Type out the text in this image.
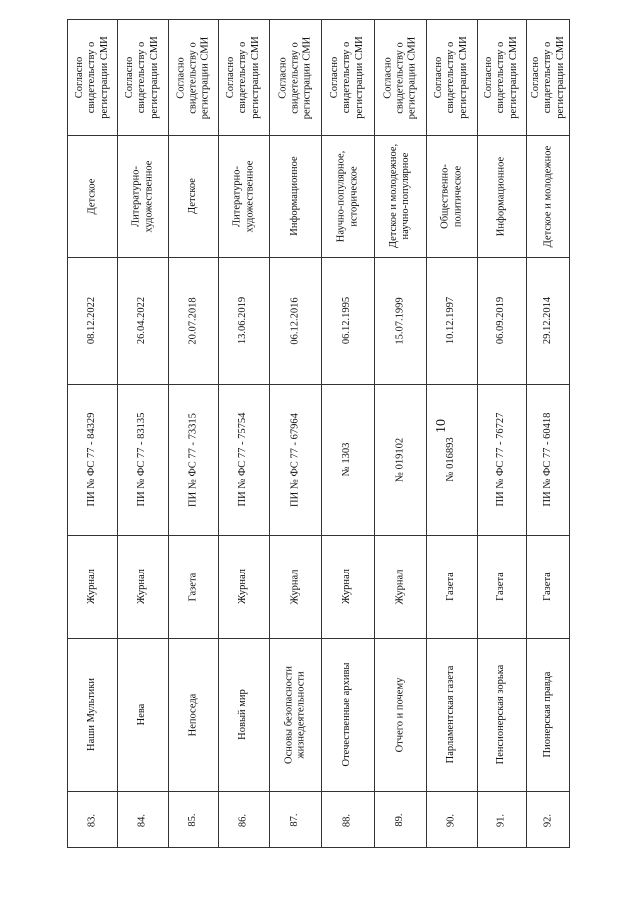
10
83.
Наши Мультики
Журнал
ПИ № ФС 77 - 84329
08.12.2022
Детское
Согласно
свидетельству о
регистрации СМИ
84.
Нева
Журнал
ПИ № ФС 77 - 83135
26.04.2022
Литературно-
художественное
Согласно
свидетельству о
регистрации СМИ
85.
Непоседа
Газета
ПИ № ФС 77 - 73315
20.07.2018
Детское
Согласно
свидетельству о
регистрации СМИ
86.
Новый мир
Журнал
ПИ № ФС 77 - 75754
13.06.2019
Литературно-
художественное
Согласно
свидетельству о
регистрации СМИ
87.
Основы безопасности
жизнедеятельности
Журнал
ПИ № ФС 77 - 67964
06.12.2016
Информационное
Согласно
свидетельству о
регистрации СМИ
88.
Отечественные архивы
Журнал
№ 1303
06.12.1995
Научно-популярное,
историческое
Согласно
свидетельству о
регистрации СМИ
89.
Отчего и почему
Журнал
№ 019102
15.07.1999
Детское и молодежное,
научно-популярное
Согласно
свидетельству о
регистрации СМИ
90.
Парламентская газета
Газета
№ 016893
10.12.1997
Общественно-
политическое
Согласно
свидетельству о
регистрации СМИ
91.
Пенсионерская зорька
Газета
ПИ № ФС 77 - 76727
06.09.2019
Информационное
Согласно
свидетельству о
регистрации СМИ
92.
Пионерская правда
Газета
ПИ № ФС 77 - 60418
29.12.2014
Детское и молодежное
Согласно
свидетельству о
регистрации СМИ
